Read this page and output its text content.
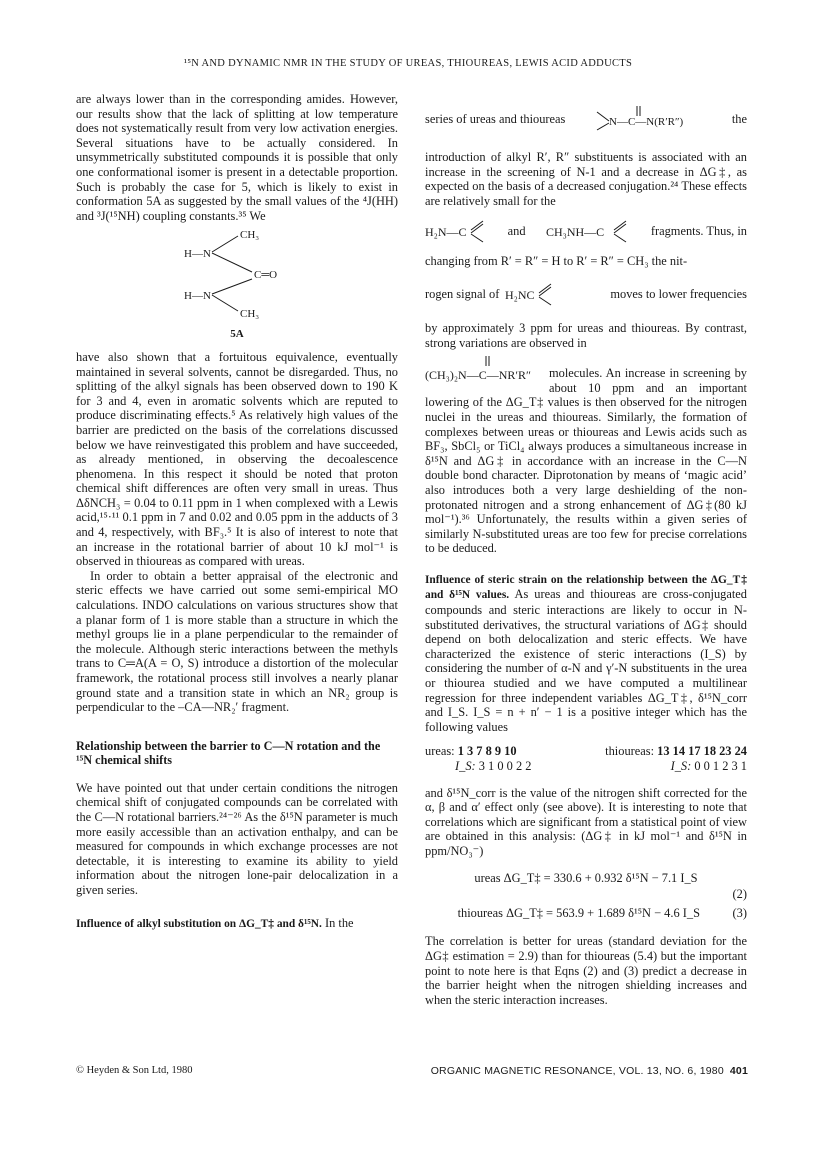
¹⁵N AND DYNAMIC NMR IN THE STUDY OF UREAS, THIOUREAS, LEWIS ACID ADDUCTS

are always lower than in the corresponding amides. However, our results show that the lack of splitting at low temperature does not systematically result from very low activation energies. Several situations have to be actually considered. In unsymmetrically substituted compounds it is possible that only one conformational isomer is present in a detectable proportion. Such is probably the case for 5, which is likely to exist in conformation 5A as suggested by the small values of the ⁴J(HH) and ³J(¹⁵NH) coupling constants.³⁵ We

CH₃
H—N
C═O
H—N
CH₃
5A

have also shown that a fortuitous equivalence, eventually maintained in several solvents, cannot be disregarded. Thus, no splitting of the alkyl signals has been observed down to 190 K for 3 and 4, even in aromatic solvents which are reputed to produce discriminating effects.⁵ As relatively high values of the barrier are predicted on the basis of the correlations discussed below we have reinvestigated this problem and have succeeded, as already mentioned, in observing the decoalescence phenomena. In this respect it should be noted that proton chemical shift differences are often very small in ureas. Thus ΔδNCH₃ = 0.04 to 0.11 ppm in 1 when complexed with a Lewis acid,¹⁵·¹¹ 0.1 ppm in 7 and 0.02 and 0.05 ppm in the adducts of 3 and 4, respectively, with BF₃.⁵ It is also of interest to note that an increase in the rotational barrier of about 10 kJ mol⁻¹ is observed in thioureas as compared with ureas.

In order to obtain a better appraisal of the electronic and steric effects we have carried out some semi-empirical MO calculations. INDO calculations on various structures show that a planar form of 1 is more stable than a structure in which the methyl groups lie in a plane perpendicular to the remainder of the molecule. Although steric interactions between the methyls trans to C═A(A = O, S) introduce a distortion of the molecular framework, the rotational process still involves a nearly planar ground state and a transition state in which an NR₂ group is perpendicular to the –CA—NR₂′ fragment.

Relationship between the barrier to C—N rotation and the ¹⁵N chemical shifts

We have pointed out that under certain conditions the nitrogen chemical shift of conjugated compounds can be correlated with the C—N rotational barriers.²⁴⁻²⁶ As the δ¹⁵N parameter is much more easily accessible than an activation enthalpy, and can be measured for compounds in which exchange processes are not detectable, it is interesting to examine its ability to yield information about the nitrogen lone-pair delocalization in a given series.

Influence of alkyl substitution on ΔG_T‡ and δ¹⁵N. In the

series of ureas and thioureas	N—C—N(R′R″)	the

introduction of alkyl R′, R″ substituents is associated with an increase in the screening of N-1 and a decrease in ΔG‡, as expected on the basis of a decreased conjugation.²⁴ These effects are relatively small for the

H₂N—C	and CH₃NH—C	fragments. Thus, in

changing from R′ = R″ = H to R′ = R″ = CH₃ the nit-

rogen signal of H₂NC	moves to lower frequencies

by approximately 3 ppm for ureas and thioureas. By contrast, strong variations are observed in

(CH₃)₂N—C—NR′R″	molecules. An increase in screening by about 10 ppm and an important lowering of the ΔG_T‡ values is then observed for the nitrogen nuclei in the ureas and thioureas. Similarly, the formation of complexes between ureas or thioureas and Lewis acids such as BF₃, SbCl₅ or TiCl₄ always produces a simultaneous increase in δ¹⁵N and ΔG‡ in accordance with an increase in the C—N double bond character. Diprotonation by means of ‘magic acid’ also introduces both a very large deshielding of the non-protonated nitrogen and a strong enhancement of ΔG‡(80 kJ mol⁻¹).³⁶ Unfortunately, the results within a given series of similarly N-substituted ureas are too few for precise correlations to be deduced.

Influence of steric strain on the relationship between the ΔG_T‡ and δ¹⁵N values. As ureas and thioureas are cross-conjugated compounds and steric interactions are likely to occur in N-substituted derivatives, the structural variations of ΔG‡ should depend on both delocalization and steric effects. We have characterized the existence of steric interactions (I_S) by considering the number of α-N and γ′-N substituents in the urea or thiourea studied and we have computed a multilinear regression for three independent variables ΔG_T‡, δ¹⁵N_corr and I_S. I_S = n + n′ − 1 is a positive integer which has the following values

ureas: 1 3 7 8 9 10	thioureas: 13 14 17 18 23 24
I_S: 3 1 0 0 2 2	I_S: 0 0 1 2 3 1

and δ¹⁵N_corr is the value of the nitrogen shift corrected for the α, β and α′ effect only (see above). It is interesting to note that correlations which are significant from a statistical point of view are obtained in this analysis: (ΔG‡ in kJ mol⁻¹ and δ¹⁵N in ppm/NO₃⁻)

ureas ΔG_T‡ = 330.6 + 0.932 δ¹⁵N − 7.1 I_S
(2)
thioureas ΔG_T‡ = 563.9 + 1.689 δ¹⁵N − 4.6 I_S	(3)

The correlation is better for ureas (standard deviation for the ΔG‡ estimation = 2.9) than for thioureas (5.4) but the important point to note here is that Eqns (2) and (3) predict a decrease in the barrier height when the nitrogen shielding increases and when the steric interaction increases.

© Heyden & Son Ltd, 1980	ORGANIC MAGNETIC RESONANCE, VOL. 13, NO. 6, 1980 401
